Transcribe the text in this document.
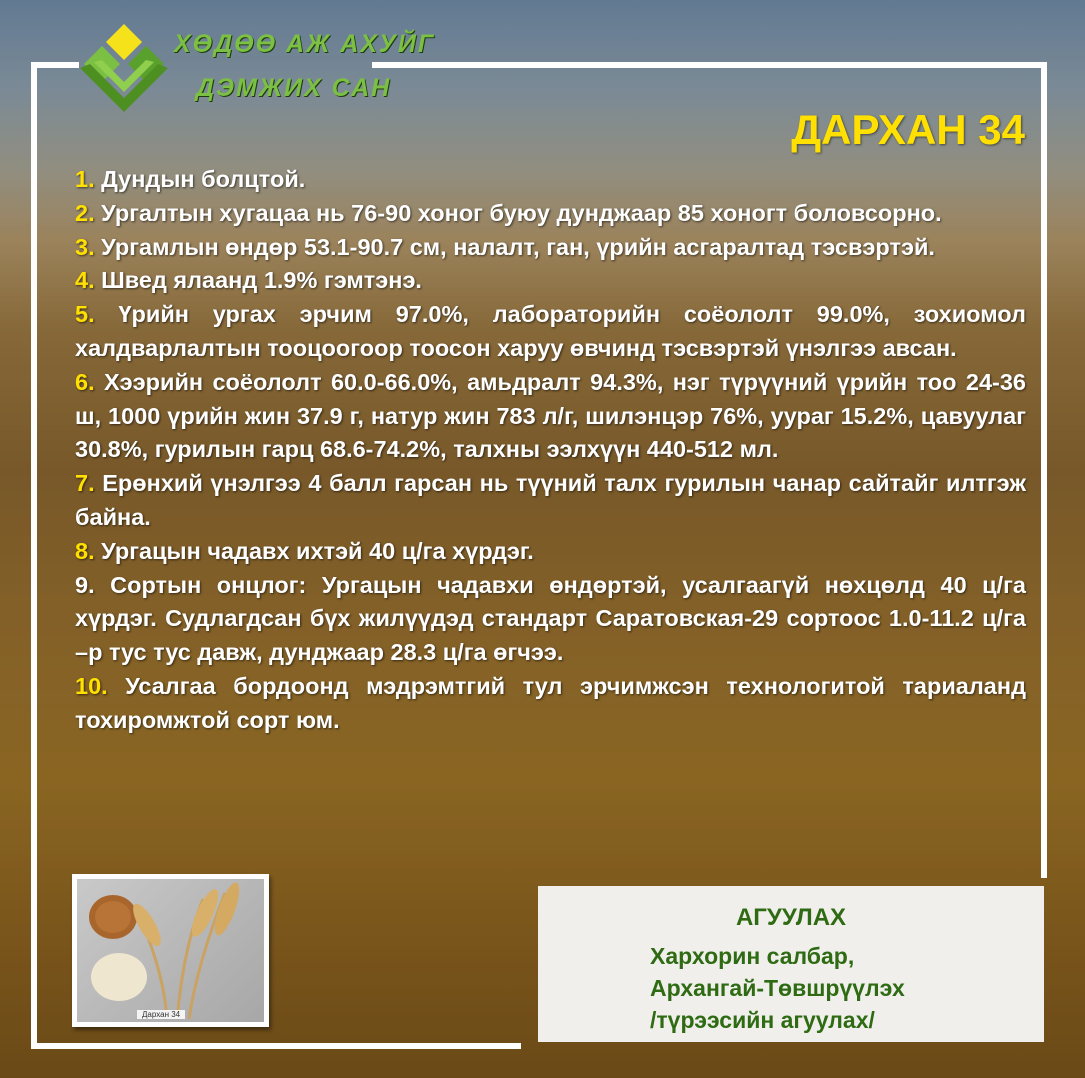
ХӨДӨӨ АЖ АХУЙГ
ДЭМЖИХ САН
ДАРХАН 34

1. Дундын болцтой.

2. Ургалтын хугацаа нь 76-90 хоног буюу дунджаар 85 хоногт боловсорно.

3. Ургамлын өндөр 53.1-90.7 см, налалт, ган, үрийн асгаралтад тэсвэртэй.

4. Швед ялаанд 1.9% гэмтэнэ.

5. Үрийн ургах эрчим 97.0%, лабораторийн соёололт 99.0%, зохиомол халдварлалтын тооцоогоор тоосон харуу өвчинд тэсвэртэй үнэлгээ авсан.

6. Хээрийн соёололт 60.0-66.0%, амьдралт 94.3%, нэг түрүүний үрийн тоо 24-36 ш, 1000 үрийн жин 37.9 г, натур жин 783 л/г, шилэнцэр 76%, уураг 15.2%, цавуулаг 30.8%, гурилын гарц 68.6-74.2%, талхны ээлхүүн 440-512 мл.

7. Ерөнхий үнэлгээ 4 балл гарсан нь түүний талх гурилын чанар сайтайг илтгэж байна.

8. Ургацын чадавх ихтэй 40 ц/га хүрдэг.

9. Сортын онцлог: Ургацын чадавхи өндөртэй, усалгаагүй нөхцөлд 40 ц/га хүрдэг. Судлагдсан бүх жилүүдэд стандарт Саратовская-29 сортоос 1.0-11.2 ц/га –р тус тус давж, дунджаар 28.3 ц/га өгчээ.

10. Усалгаа бордоонд мэдрэмтгий тул эрчимжсэн технологитой тариаланд тохиромжтой сорт юм.

Дархан 34
АГУУЛАХ
Хархорин салбар,
Архангай-Төвшрүүлэх
/түрээсийн агуулах/
